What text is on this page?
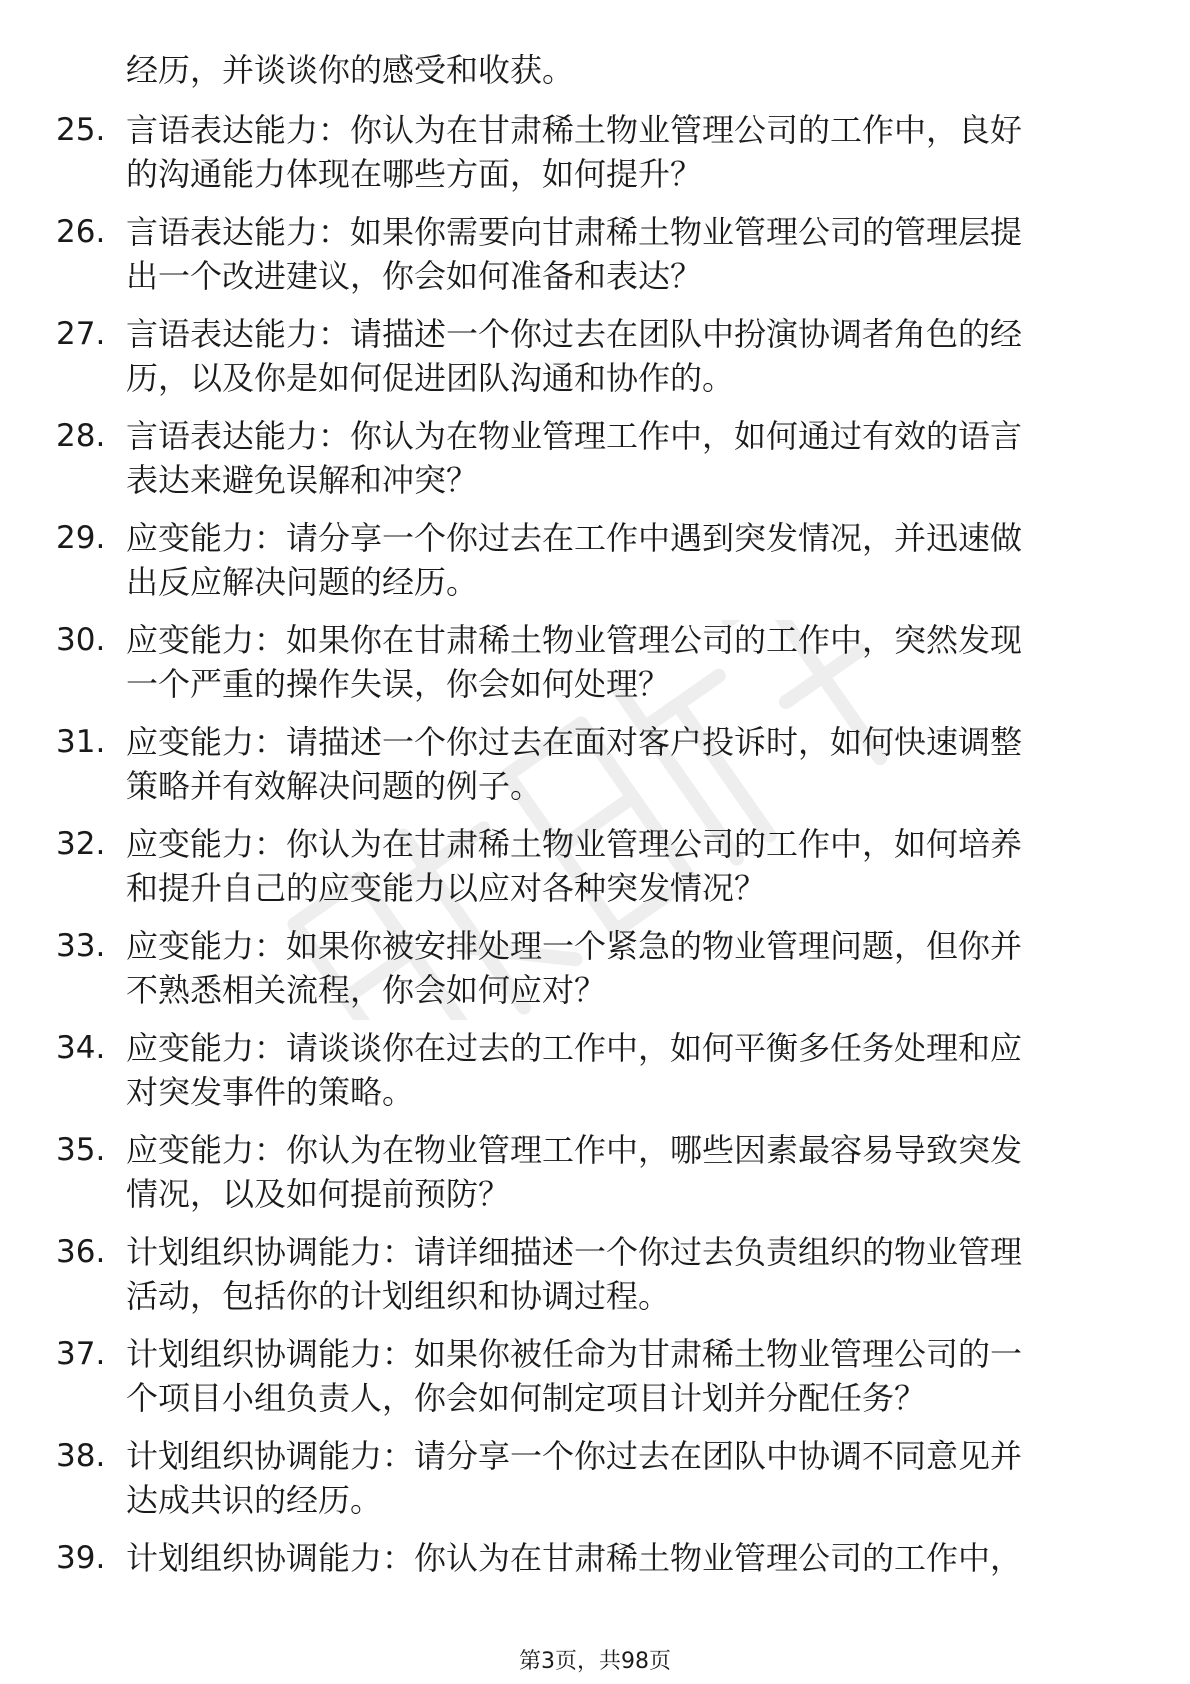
经历，并谈谈你的感受和收获。
25. 言语表达能力：你认为在甘肃稀土物业管理公司的工作中，良好
的沟通能力体现在哪些方面，如何提升？
26. 言语表达能力：如果你需要向甘肃稀土物业管理公司的管理层提
出一个改进建议，你会如何准备和表达？
27. 言语表达能力：请描述一个你过去在团队中扮演协调者角色的经
历，以及你是如何促进团队沟通和协作的。
28. 言语表达能力：你认为在物业管理工作中，如何通过有效的语言
表达来避免误解和冲突？
29. 应变能力：请分享一个你过去在工作中遇到突发情况，并迅速做
出反应解决问题的经历。
30. 应变能力：如果你在甘肃稀土物业管理公司的工作中，突然发现
一个严重的操作失误，你会如何处理？
31. 应变能力：请描述一个你过去在面对客户投诉时，如何快速调整
策略并有效解决问题的例子。
32. 应变能力：你认为在甘肃稀土物业管理公司的工作中，如何培养
和提升自己的应变能力以应对各种突发情况？
33. 应变能力：如果你被安排处理一个紧急的物业管理问题，但你并
不熟悉相关流程，你会如何应对？
34. 应变能力：请谈谈你在过去的工作中，如何平衡多任务处理和应
对突发事件的策略。
35. 应变能力：你认为在物业管理工作中，哪些因素最容易导致突发
情况，以及如何提前预防？
36. 计划组织协调能力：请详细描述一个你过去负责组织的物业管理
活动，包括你的计划组织和协调过程。
37. 计划组织协调能力：如果你被任命为甘肃稀土物业管理公司的一
个项目小组负责人，你会如何制定项目计划并分配任务？
38. 计划组织协调能力：请分享一个你过去在团队中协调不同意见并
达成共识的经历。
39. 计划组织协调能力：你认为在甘肃稀土物业管理公司的工作中，
第3页，共98页
